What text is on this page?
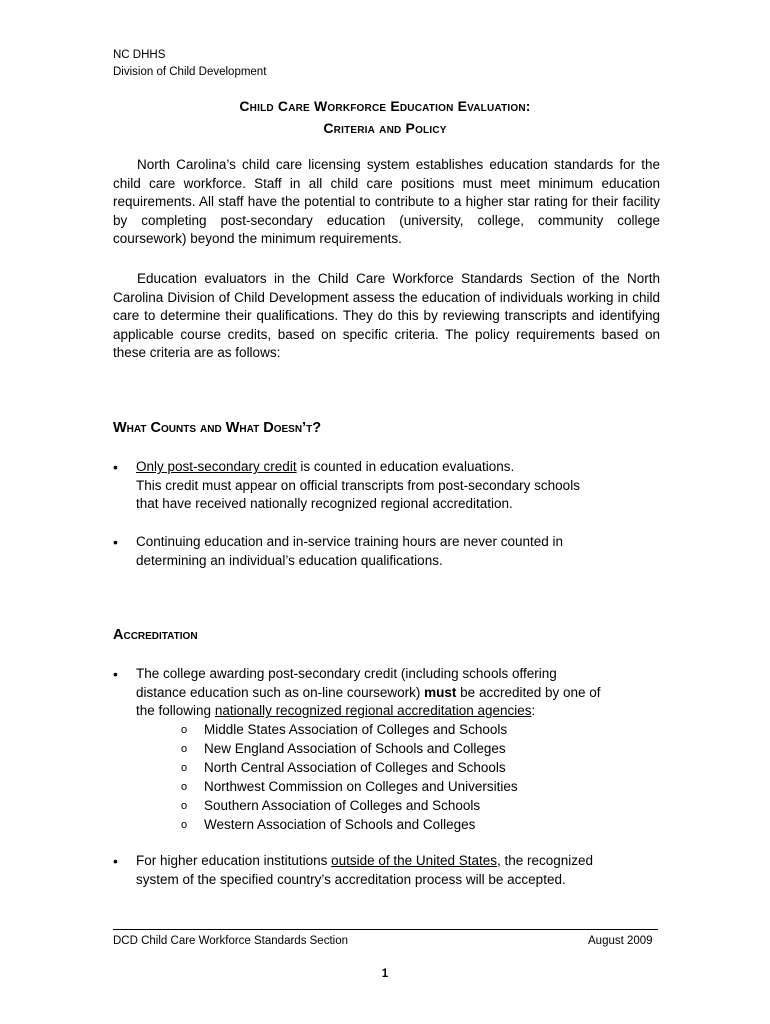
NC DHHS
Division of Child Development
Child Care Workforce Education Evaluation:
Criteria and Policy

North Carolina’s child care licensing system establishes education standards for the child care workforce. Staff in all child care positions must meet minimum education requirements. All staff have the potential to contribute to a higher star rating for their facility by completing post-secondary education (university, college, community college coursework) beyond the minimum requirements.

Education evaluators in the Child Care Workforce Standards Section of the North Carolina Division of Child Development assess the education of individuals working in child care to determine their qualifications. They do this by reviewing transcripts and identifying applicable course credits, based on specific criteria. The policy requirements based on these criteria are as follows:

What Counts and What Doesn’t?
• Only post-secondary credit is counted in education evaluations.
This credit must appear on official transcripts from post-secondary schools
that have received nationally recognized regional accreditation.
• Continuing education and in-service training hours are never counted in
determining an individual’s education qualifications.
Accreditation
• The college awarding post-secondary credit (including schools offering
distance education such as on-line coursework) must be accredited by one of
the following nationally recognized regional accreditation agencies:
o Middle States Association of Colleges and Schools
o New England Association of Schools and Colleges
o North Central Association of Colleges and Schools
o Northwest Commission on Colleges and Universities
o Southern Association of Colleges and Schools
o Western Association of Schools and Colleges
• For higher education institutions outside of the United States, the recognized
system of the specified country’s accreditation process will be accepted.
DCD Child Care Workforce Standards Section	August 2009
1
